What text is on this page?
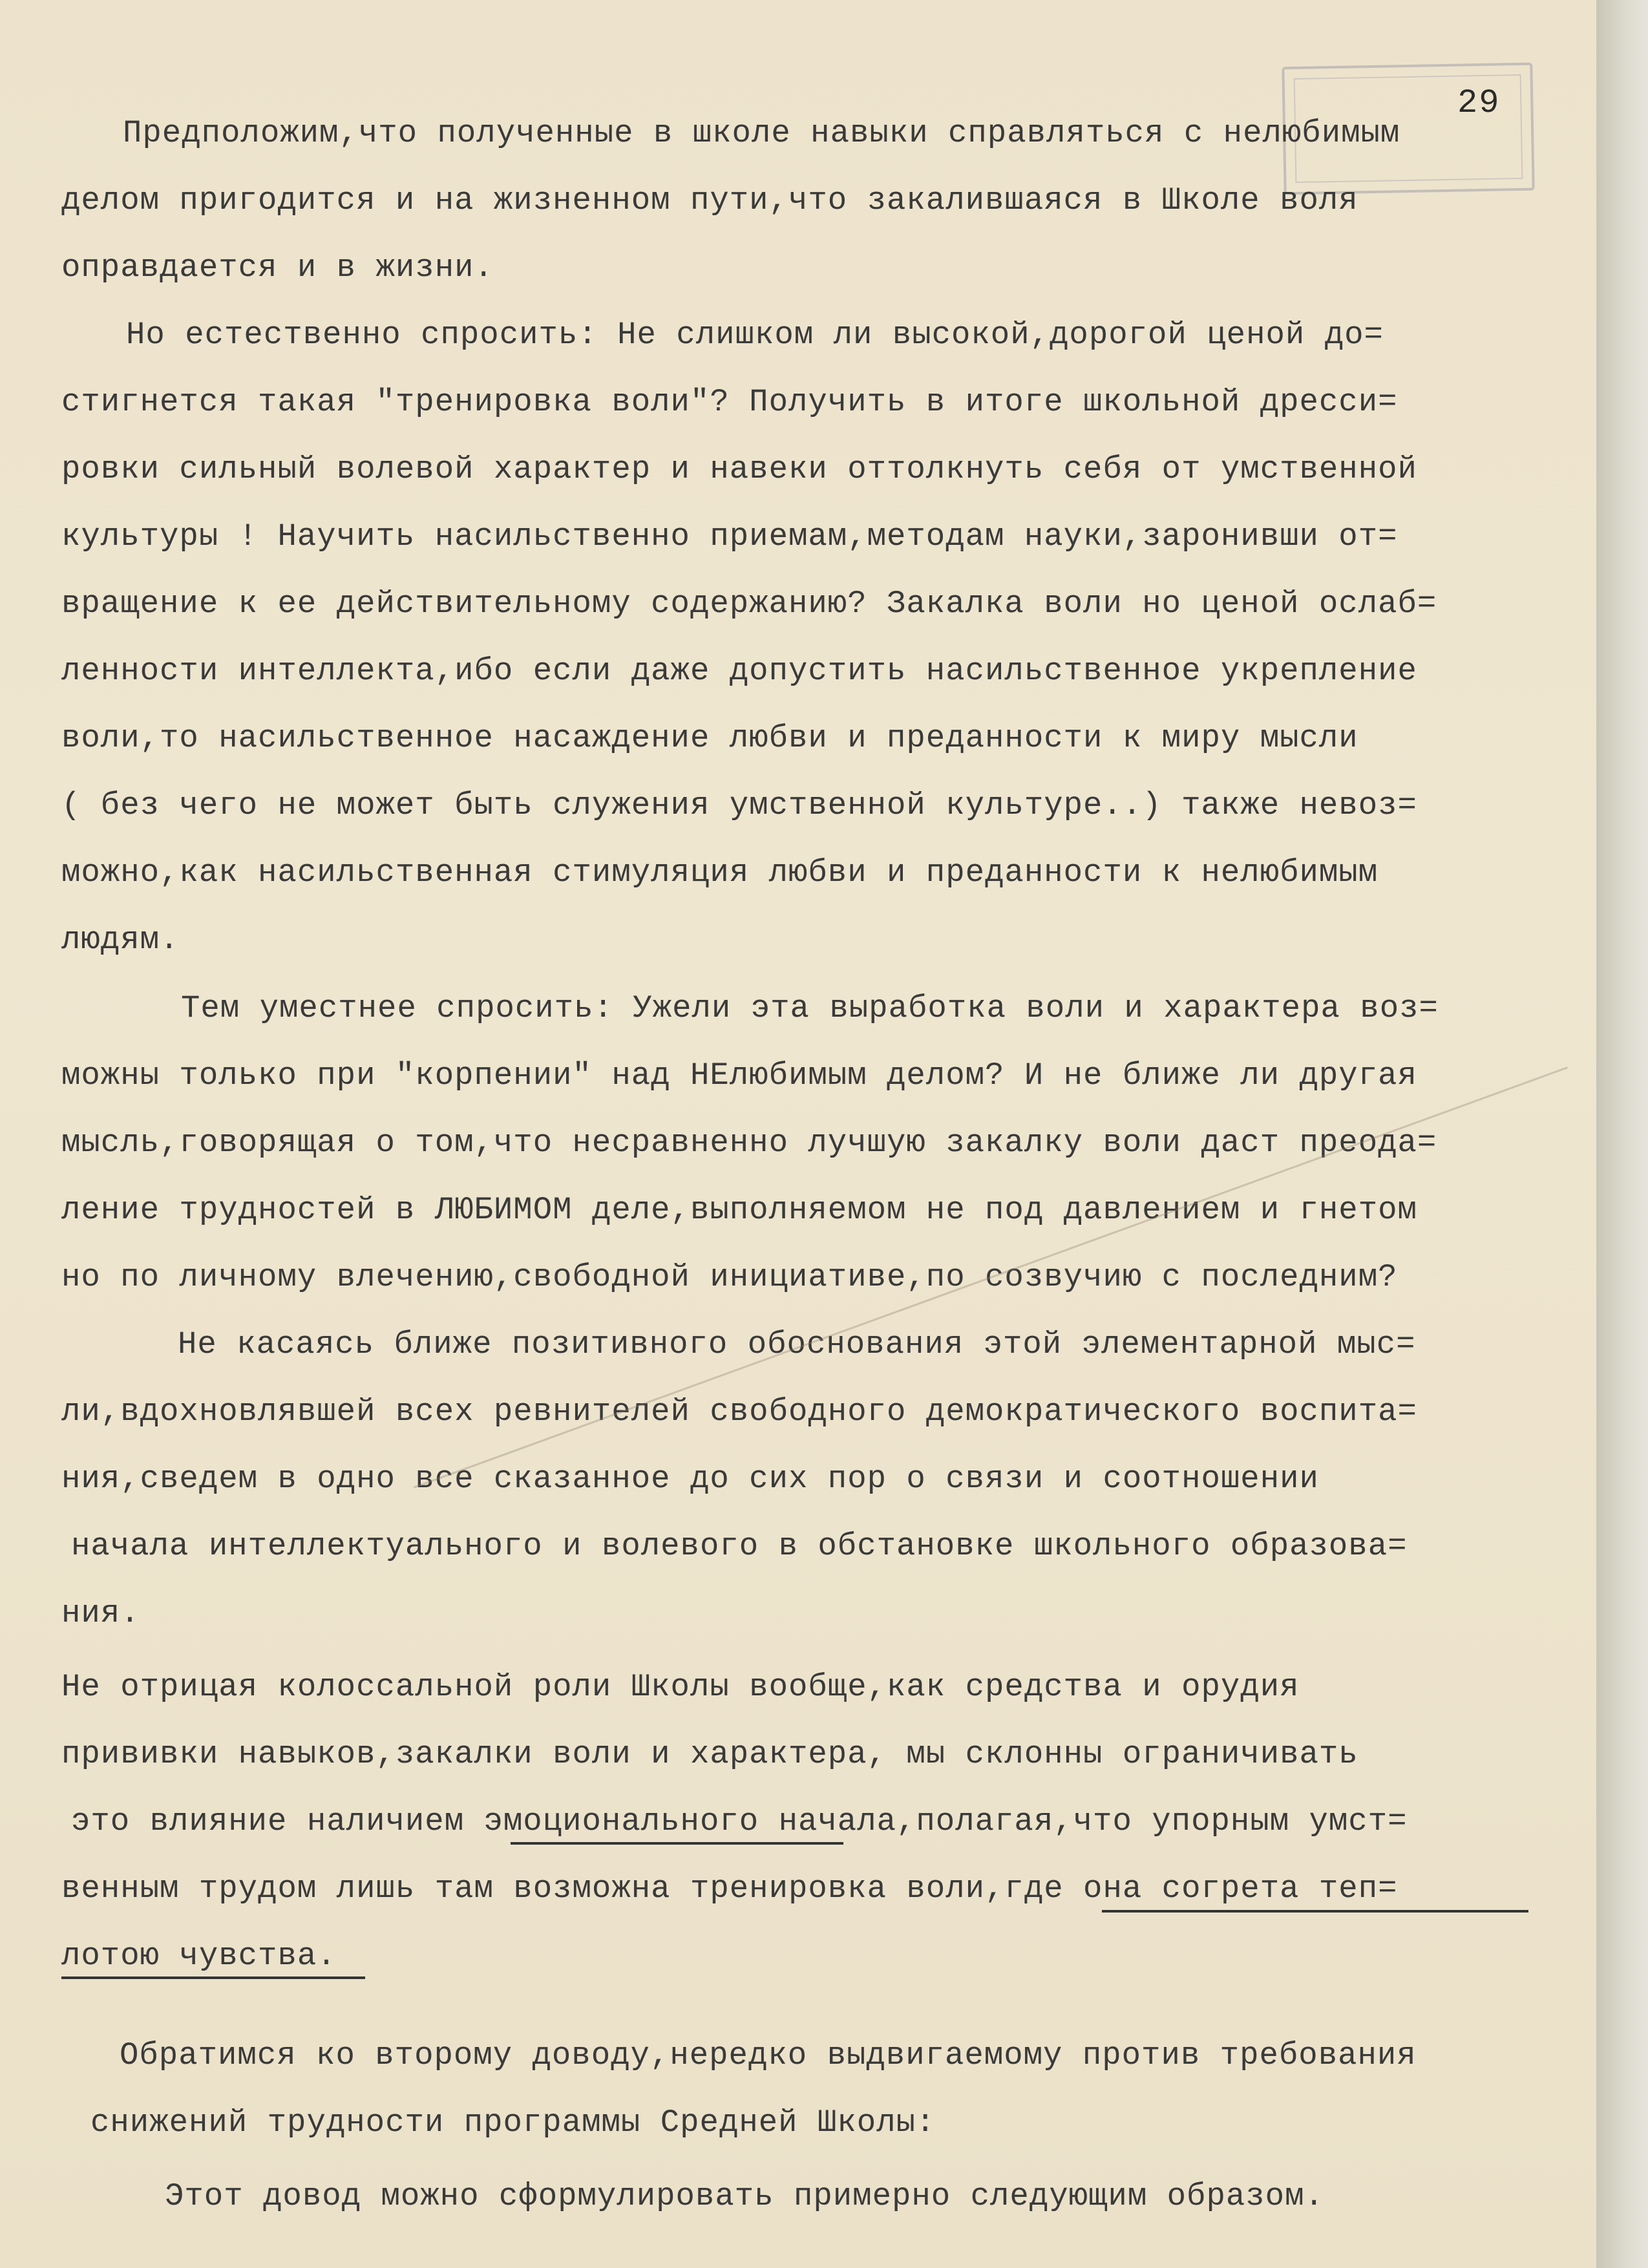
29
Предположим,что полученные в школе навыки справляться с нелюбимым
делом пригодится и на жизненном пути,что закалившаяся в Школе воля
оправдается и в жизни.
Но естественно спросить: Не слишком ли высокой,дорогой ценой до=
стигнется такая "тренировка воли"? Получить в итоге школьной дресси=
ровки сильный волевой характер и навеки оттолкнуть себя от умственной
культуры ! Научить насильственно приемам,методам науки,заронивши от=
вращение к ее действительному содержанию? Закалка воли но ценой ослаб=
ленности интеллекта,ибо если даже допустить насильственное укрепление
воли,то насильственное насаждение любви и преданности к миру мысли
( без чего не может быть служения умственной культуре..) также невоз=
можно,как насильственная стимуляция любви и преданности к нелюбимым
людям.
Тем уместнее спросить: Ужели эта выработка воли и характера воз=
можны только при "корпении" над НЕлюбимым делом? И не ближе ли другая
мысль,говорящая о том,что несравненно лучшую закалку воли даст преода=
ление трудностей в ЛЮБИМОМ деле,выполняемом не под давлением и гнетом
но по личному влечению,свободной инициативе,по созвучию с последним?
Не касаясь ближе позитивного обоснования этой элементарной мыс=
ли,вдохновлявшей всех ревнителей свободного демократического воспита=
ния,сведем в одно все сказанное до сих пор о связи и соотношении
начала интеллектуального и волевого в обстановке школьного образова=
ния.
Не отрицая колоссальной роли Школы вообще,как средства и орудия
прививки навыков,закалки воли и характера, мы склонны ограничивать
это влияние наличием эмоционального начала,полагая,что упорным умст=
венным трудом лишь там возможна тренировка воли,где она согрета теп=
лотою чувства.
Обратимся ко второму доводу,нередко выдвигаемому против требования
снижений трудности программы Средней Школы:
Этот довод можно сформулировать примерно следующим образом.
